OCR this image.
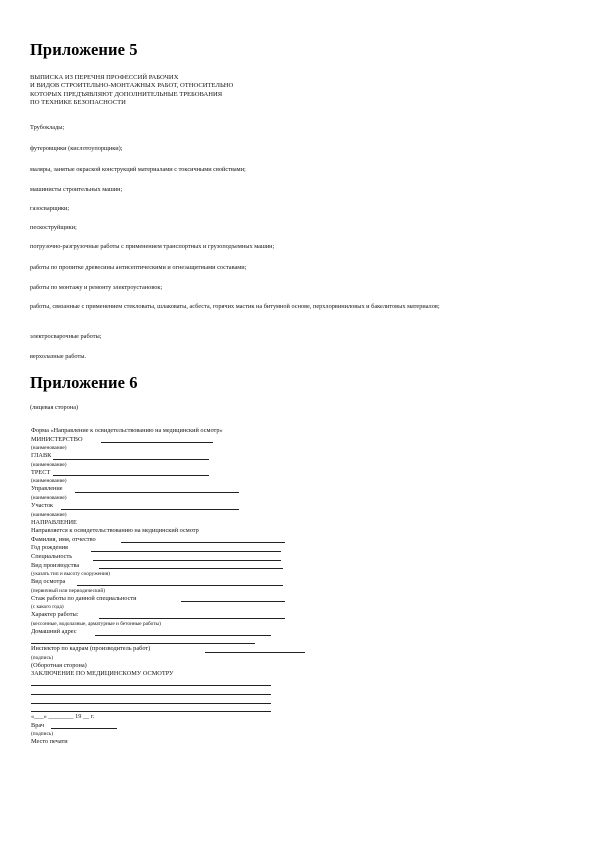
Приложение 5
ВЫПИСКА ИЗ ПЕРЕЧНЯ ПРОФЕССИЙ РАБОЧИХ
И ВИДОВ СТРОИТЕЛЬНО-МОНТАЖНЫХ РАБОТ, ОТНОСИТЕЛЬНО
КОТОРЫХ ПРЕДЪЯВЛЯЮТ ДОПОЛНИТЕЛЬНЫЕ ТРЕБОВАНИЯ
ПО ТЕХНИКЕ БЕЗОПАСНОСТИ
Трубоклады;
футеровщики (кислотоупорщики);
маляры, занятые окраской конструкций материалами с токсичными свойствами;
машинисты строительных машин;
газосварщики;
пескоструйщики;
погрузочно-разгрузочные работы с применением транспортных и грузоподъемных машин;
работы по пропитке древесины антисептическими и огнезащитными составами;
работы по монтажу и ремонту электроустановок;
работы, связанные с применением стекловаты, шлаковаты, асбеста, горячих мастик на битумной основе, перхлорвиниловых и бакелитовых материалов;
электросварочные работы;
верхолазные работы.
Приложение 6
(лицевая сторона)
Форма «Направление к освидетельствованию на медицинский осмотр»
МИНИСТЕРСТВО
(наименование)
ГЛАВК
(наименование)
ТРЕСТ
(наименование)
Управление
(наименование)
Участок
(наименование)
НАПРАВЛЕНИЕ
Направляется к освидетельствованию на медицинский осмотр
Фамилия, имя, отчество
Год рождения
Специальность
Вид производства
(указать тип и высоту сооружения)
Вид осмотра
(первичный или периодический)
Стаж работы по данной специальности
(с какого года)
Характер работы:
(кессонные, водолазные, арматурные и бетонные работы)
Домашний адрес
Инспектор по кадрам (производитель работ)
(подпись)
(Оборотная сторона)
ЗАКЛЮЧЕНИЕ ПО МЕДИЦИНСКОМУ ОСМОТРУ
«___» ________ 19 __ г.
Врач
(подпись)
Место печати
